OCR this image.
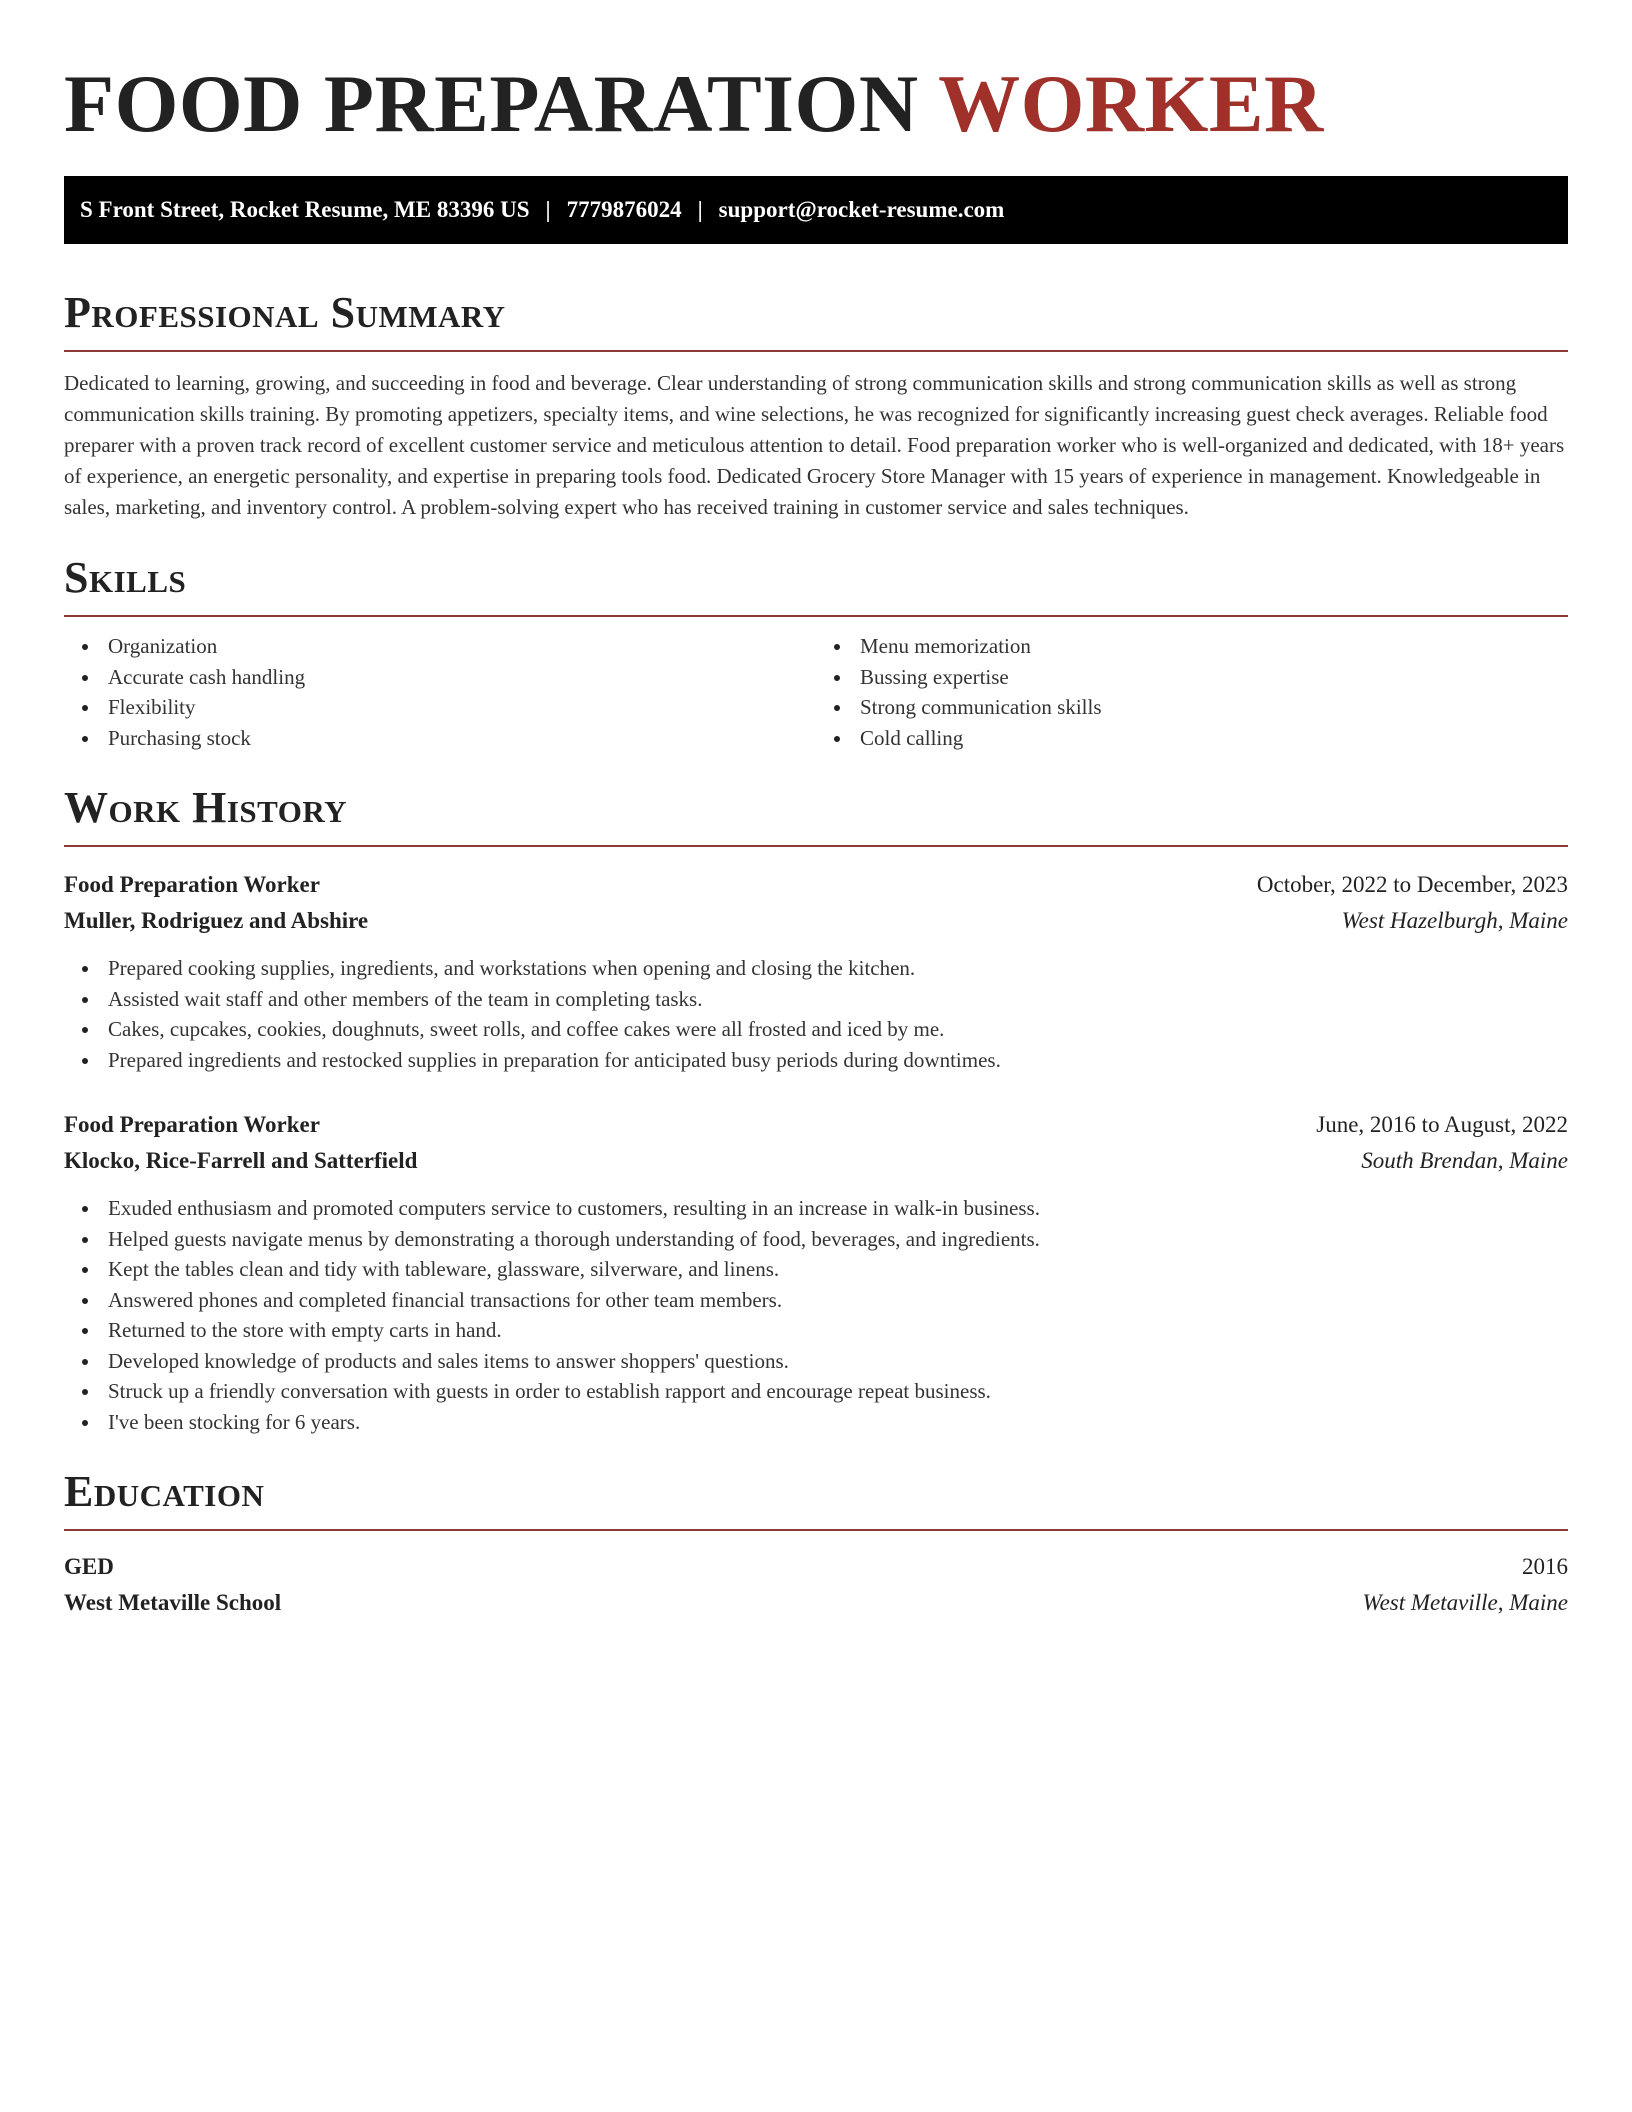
FOOD PREPARATION WORKER
S Front Street, Rocket Resume, ME 83396 US | 7779876024 | support@rocket-resume.com
Professional Summary

Dedicated to learning, growing, and succeeding in food and beverage. Clear understanding of strong communication skills and strong communication skills as well as strong communication skills training. By promoting appetizers, specialty items, and wine selections, he was recognized for significantly increasing guest check averages. Reliable food preparer with a proven track record of excellent customer service and meticulous attention to detail. Food preparation worker who is well-organized and dedicated, with 18+ years of experience, an energetic personality, and expertise in preparing tools food. Dedicated Grocery Store Manager with 15 years of experience in management. Knowledgeable in sales, marketing, and inventory control. A problem-solving expert who has received training in customer service and sales techniques.

Skills
Organization
Accurate cash handling
Flexibility
Purchasing stock
Menu memorization
Bussing expertise
Strong communication skills
Cold calling
Work History
Food Preparation Worker	October, 2022 to December, 2023
Muller, Rodriguez and Abshire	West Hazelburgh, Maine
Prepared cooking supplies, ingredients, and workstations when opening and closing the kitchen.
Assisted wait staff and other members of the team in completing tasks.
Cakes, cupcakes, cookies, doughnuts, sweet rolls, and coffee cakes were all frosted and iced by me.
Prepared ingredients and restocked supplies in preparation for anticipated busy periods during downtimes.
Food Preparation Worker	June, 2016 to August, 2022
Klocko, Rice-Farrell and Satterfield	South Brendan, Maine
Exuded enthusiasm and promoted computers service to customers, resulting in an increase in walk-in business.
Helped guests navigate menus by demonstrating a thorough understanding of food, beverages, and ingredients.
Kept the tables clean and tidy with tableware, glassware, silverware, and linens.
Answered phones and completed financial transactions for other team members.
Returned to the store with empty carts in hand.
Developed knowledge of products and sales items to answer shoppers' questions.
Struck up a friendly conversation with guests in order to establish rapport and encourage repeat business.
I've been stocking for 6 years.
Education
GED	2016
West Metaville School	West Metaville, Maine
